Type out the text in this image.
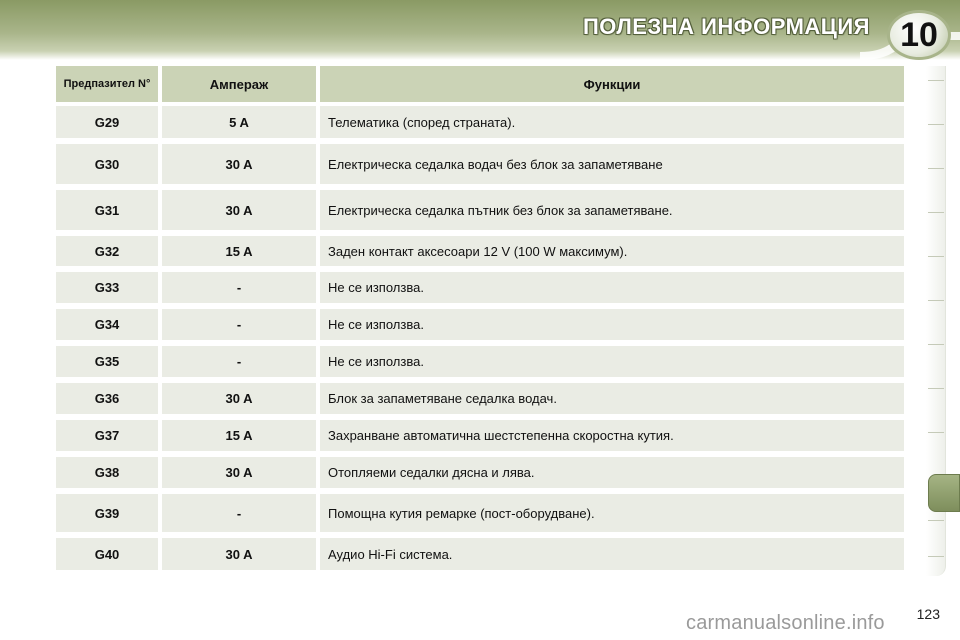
ПОЛЕЗНА ИНФОРМАЦИЯ 10
Предпазител N°	Ампераж	Функции
G29	5 A	Телематика (според страната).
G30	30 A	Електрическа седалка водач без блок за запаметяване
G31	30 A	Електрическа седалка пътник без блок за запаметяване.
G32	15 A	Заден контакт аксесоари 12 V (100 W максимум).
G33	-	Не се използва.
G34	-	Не се използва.
G35	-	Не се използва.
G36	30 A	Блок за запаметяване седалка водач.
G37	15 A	Захранване автоматична шестстепенна скоростна кутия.
G38	30 A	Отопляеми седалки дясна и лява.
G39	-	Помощна кутия ремарке (пост-оборудване).
G40	30 A	Аудио Hi-Fi система.
123
carmanualsonline.info
